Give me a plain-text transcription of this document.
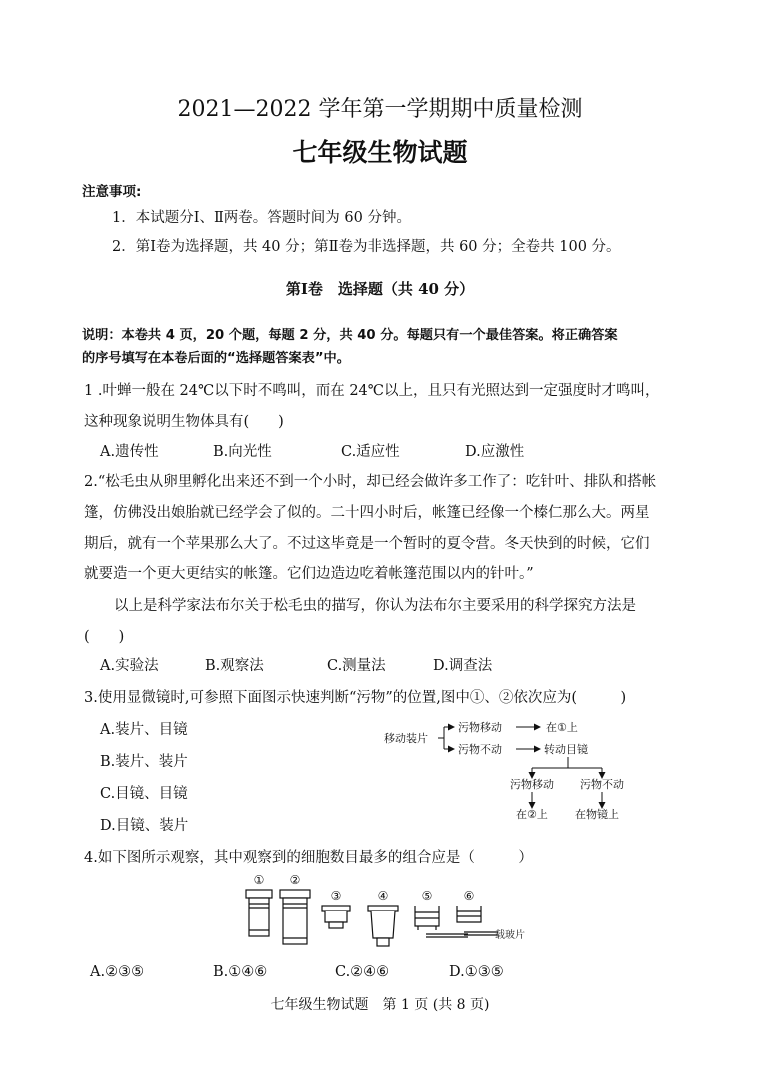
2021—2022 学年第一学期期中质量检测
七年级生物试题
注意事项:
1．本试题分Ⅰ、Ⅱ两卷。答题时间为 60 分钟。
2．第Ⅰ卷为选择题，共 40 分；第Ⅱ卷为非选择题，共 60 分；全卷共 100 分。
第Ⅰ卷　选择题（共 40 分）
说明：本卷共 4 页，20 个题，每题 2 分，共 40 分。每题只有一个最佳答案。将正确答案
的序号填写在本卷后面的“选择题答案表”中。
1 .叶蝉一般在 24℃以下时不鸣叫，而在 24℃以上，且只有光照达到一定强度时才鸣叫，
这种现象说明生物体具有(　　)
A.遗传性	B.向光性	C.适应性	D.应激性
2.“松毛虫从卵里孵化出来还不到一个小时，却已经会做许多工作了：吃针叶、排队和搭帐
篷，仿佛没出娘胎就已经学会了似的。二十四小时后，帐篷已经像一个榛仁那么大。两星
期后，就有一个苹果那么大了。不过这毕竟是一个暂时的夏令营。冬天快到的时候，它们
就要造一个更大更结实的帐篷。它们边造边吃着帐篷范围以内的针叶。”
以上是科学家法布尔关于松毛虫的描写，你认为法布尔主要采用的科学探究方法是
(　　)
A.实验法	B.观察法	C.测量法	D.调查法
3.使用显微镜时,可参照下面图示快速判断“污物”的位置,图中①、②依次应为(　　　)
A.装片、目镜
B.装片、装片
C.目镜、目镜
D.目镜、装片
移动装片
污物移动
污物不动
在①上
转动目镜
污物移动 污物不动
在②上 在物镜上
4.如下图所示观察，其中观察到的细胞数目最多的组合应是（　　　）
① ②
③	④	⑤	⑥
载玻片
A.②③⑤	B.①④⑥	C.②④⑥	D.①③⑤
七年级生物试题　第 1 页 (共 8 页)
